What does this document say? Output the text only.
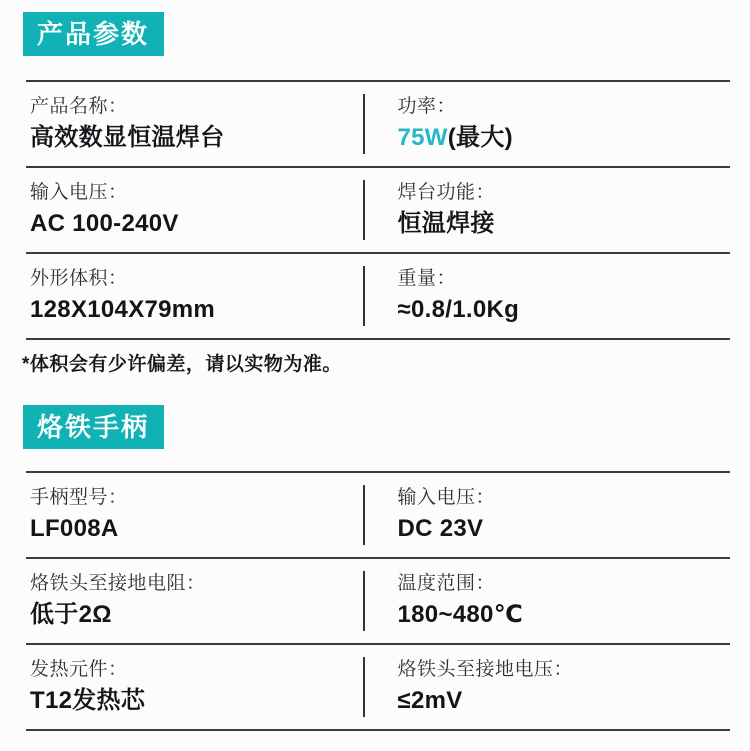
产品参数
产品名称：
高效数显恒温焊台
功率：
75W(最大)
输入电压：
AC 100-240V
焊台功能：
恒温焊接
外形体积：
128X104X79mm
重量：
≈0.8/1.0Kg
*体积会有少许偏差，请以实物为准。
烙铁手柄
手柄型号：
LF008A
输入电压：
DC 23V
烙铁头至接地电阻：
低于2Ω
温度范围：
180~480℃
发热元件：
T12发热芯
烙铁头至接地电压：
≤2mV
